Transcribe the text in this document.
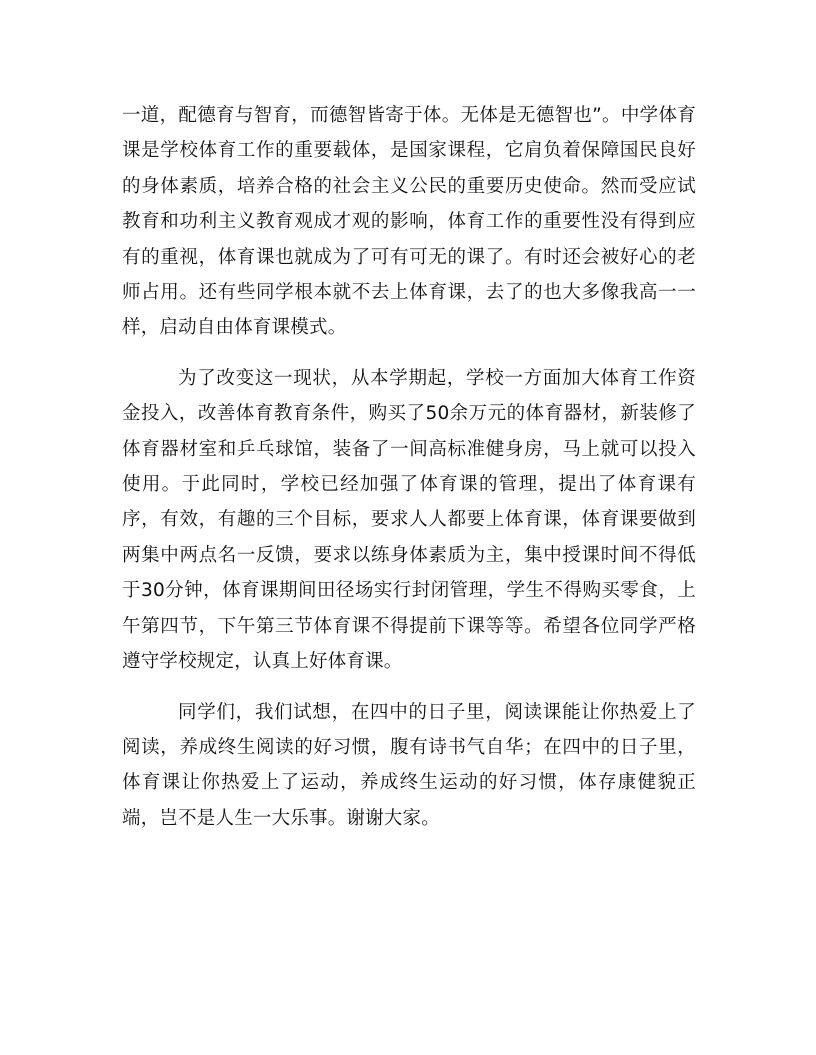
一道，配德育与智育，而德智皆寄于体。无体是无德智也”。中学体育课是学校体育工作的重要载体，是国家课程，它肩负着保障国民良好的身体素质，培养合格的社会主义公民的重要历史使命。然而受应试教育和功利主义教育观成才观的影响，体育工作的重要性没有得到应有的重视，体育课也就成为了可有可无的课了。有时还会被好心的老师占用。还有些同学根本就不去上体育课，去了的也大多像我高一一样，启动自由体育课模式。

为了改变这一现状，从本学期起，学校一方面加大体育工作资金投入，改善体育教育条件，购买了50余万元的体育器材，新装修了体育器材室和乒乓球馆，装备了一间高标准健身房，马上就可以投入使用。于此同时，学校已经加强了体育课的管理，提出了体育课有序，有效，有趣的三个目标，要求人人都要上体育课，体育课要做到两集中两点名一反馈，要求以练身体素质为主，集中授课时间不得低于30分钟，体育课期间田径场实行封闭管理，学生不得购买零食，上午第四节，下午第三节体育课不得提前下课等等。希望各位同学严格遵守学校规定，认真上好体育课。

同学们，我们试想，在四中的日子里，阅读课能让你热爱上了阅读，养成终生阅读的好习惯，腹有诗书气自华；在四中的日子里，体育课让你热爱上了运动，养成终生运动的好习惯，体存康健貌正端，岂不是人生一大乐事。谢谢大家。
